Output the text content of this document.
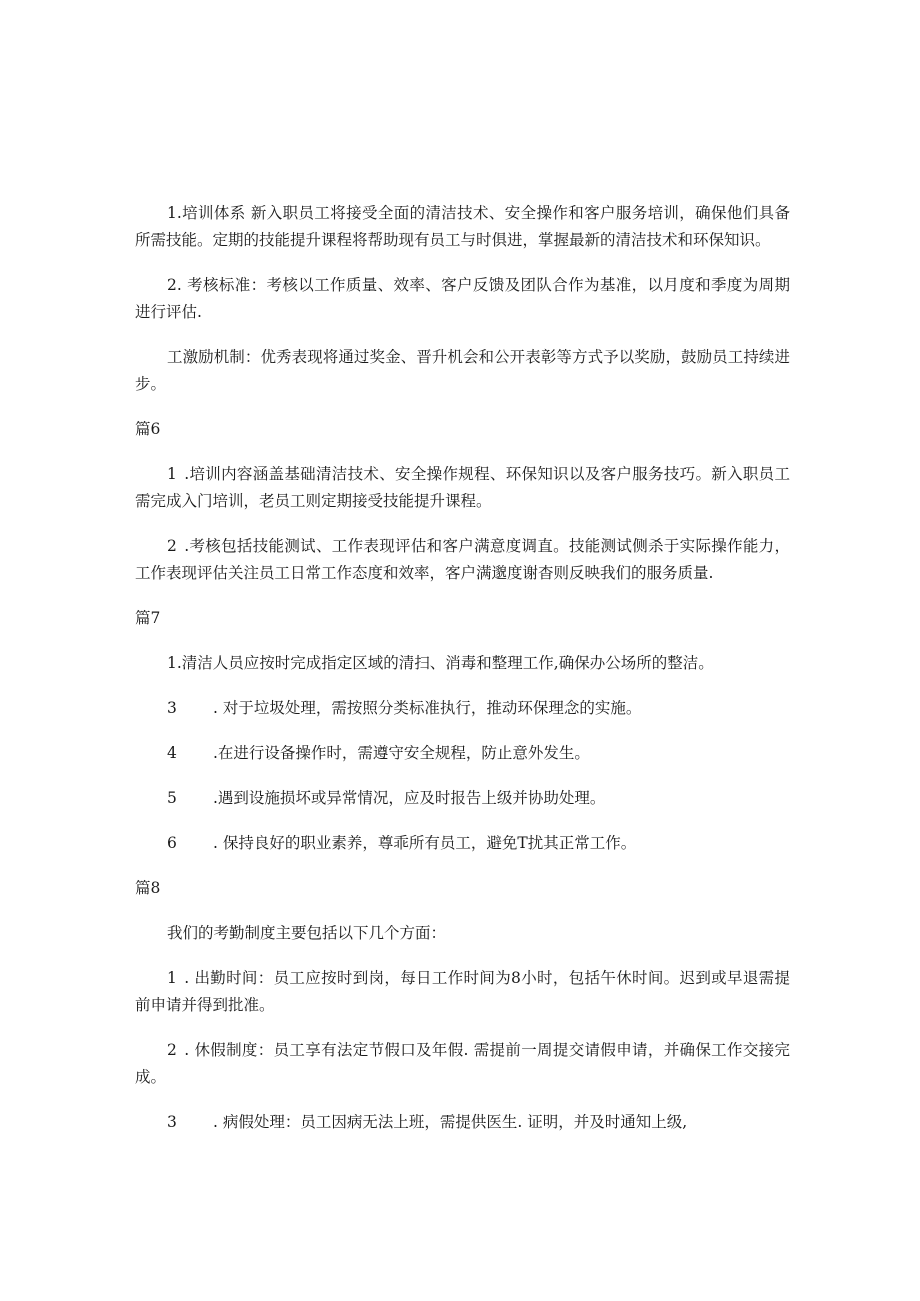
1.培训体系 新入职员工将接受全面的清洁技术、安全操作和客户服务培训，确保他们具备所需技能。定期的技能提升课程将帮助现有员工与时俱进，掌握最新的清洁技术和环保知识。

2. 考核标准：考核以工作质量、效率、客户反馈及团队合作为基准，以月度和季度为周期进行评估.

工激励机制：优秀表现将通过奖金、晋升机会和公开表彰等方式予以奖励，鼓励员工持续进步。

篇6

1 .培训内容涵盖基础清洁技术、安全操作规程、环保知识以及客户服务技巧。新入职员工需完成入门培训，老员工则定期接受技能提升课程。

2 .考核包括技能测试、工作表现评估和客户满意度调直。技能测试侧杀于实际操作能力，工作表现评估关注员工日常工作态度和效率，客户满邈度谢杳则反映我们的服务质量.

篇7

1.清洁人员应按时完成指定区域的清扫、消毒和整理工作,确保办公场所的整洁。

3	. 对于垃圾处理，需按照分类标准执行，推动环保理念的实施。
4	.在进行设备操作时，需遵守安全规程，防止意外发生。
5	.遇到设施损坏或异常情况，应及时报告上级并协助处理。
6	. 保持良好的职业素养，尊乖所有员工，避免T扰其正常工作。

篇8

我们的考勤制度主要包括以下几个方面：

1 . 出勤时间：员工应按时到岗，每日工作时间为8小时，包括午休时间。迟到或早退需提前申请并得到批准。

2 . 休假制度：员工享有法定节假口及年假. 需提前一周提交请假申请，并确保工作交接完成。

3	. 病假处理：员工因病无法上班，需提供医生. 证明，并及时通知上级,
